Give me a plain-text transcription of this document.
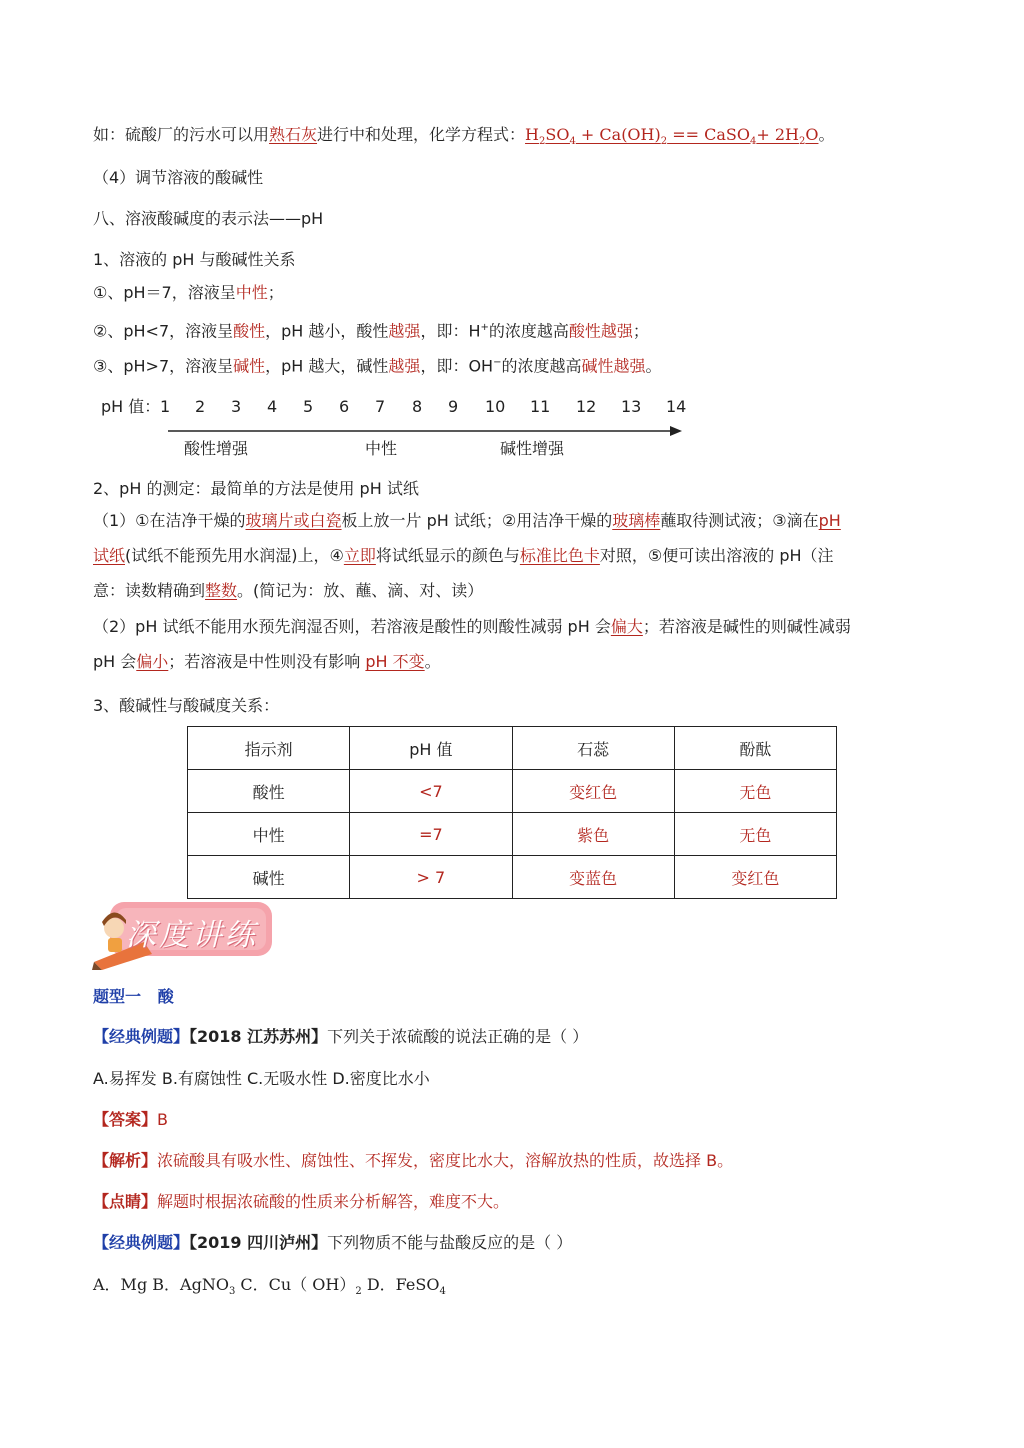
如：硫酸厂的污水可以用熟石灰进行中和处理，化学方程式：$H_2SO_4 + Ca(OH)_2$ == CaSO$_4$+ $2H_2O$。
（4）调节溶液的酸碱性
八、溶液酸碱度的表示法——pH
1、溶液的 pH 与酸碱性关系
①、pH＝7，溶液呈中性；
②、pH<7，溶液呈酸性，pH 越小，酸性越强，即：H+的浓度越高酸性越强；
③、pH>7，溶液呈碱性，pH 越大，碱性越强，即：OH−的浓度越高碱性越强。
pH 值： 1 2 3 4 5 6 7 8 9 10 11 12 13 14
酸性增强	中性	碱性增强
2、pH 的测定：最简单的方法是使用 pH 试纸
（1）①在洁净干燥的玻璃片或白瓷板上放一片 pH 试纸；②用洁净干燥的玻璃棒蘸取待测试液；③滴在pH
试纸(试纸不能预先用水润湿)上，④立即将试纸显示的颜色与标准比色卡对照，⑤便可读出溶液的 pH（注
意：读数精确到整数。(简记为：放、蘸、滴、对、读）
（2）pH 试纸不能用水预先润湿否则，若溶液是酸性的则酸性减弱 pH 会偏大；若溶液是碱性的则碱性减弱
pH 会偏小；若溶液是中性则没有影响 pH 不变。
3、酸碱性与酸碱度关系：
指示剂	pH 值	石蕊	酚酞
酸性	<7	变红色	无色
中性	=7	紫色	无色
碱性	> 7	变蓝色	变红色
深度讲练
题型一 酸
【经典例题】【2018 江苏苏州】下列关于浓硫酸的说法正确的是（ ）
A.易挥发 B.有腐蚀性 C.无吸水性 D.密度比水小
【答案】B
【解析】浓硫酸具有吸水性、腐蚀性、不挥发，密度比水大，溶解放热的性质，故选择 B。
【点睛】解题时根据浓硫酸的性质来分析解答，难度不大。
【经典例题】【2019 四川泸州】下列物质不能与盐酸反应的是（ ）
A．Mg B．AgNO$_3$ C．Cu（ $OH)_2$ D．FeSO$_4$
